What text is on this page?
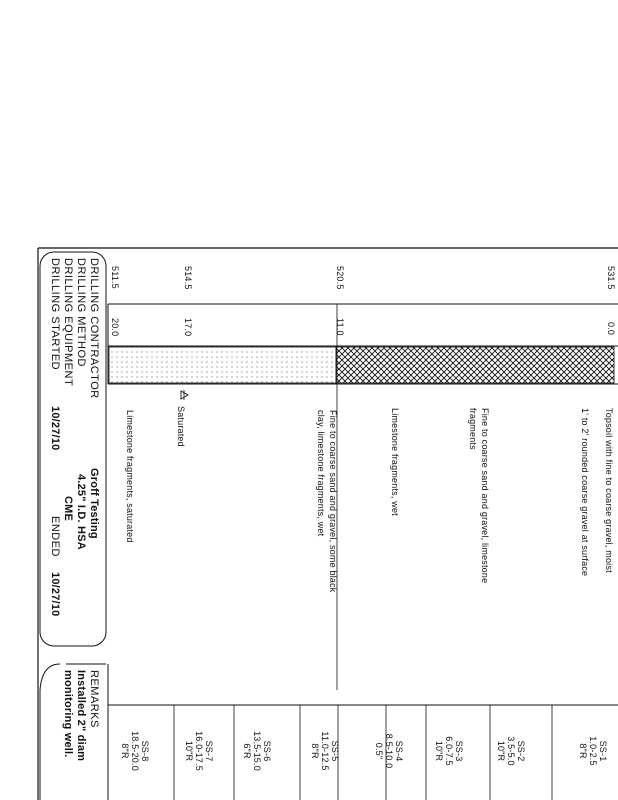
531.5
520.5
514.5
511.5
0.0
11.0
17.0
20.0
Topsoil with fine to coarse gravel, moist
1' to 2' rounded coarse gravel at surface
Fine to coarse sand and gravel, limestone
fragments
Limestone fragments, wet
Fine to coarse sand and gravel, some black
clay, limestone fragments, wet
Saturated
Limestone fragments, saturated
DRILLING CONTRACTOR
Groff Testing
DRILLING METHOD
4.25" I.D. HSA
DRILLING EQUIPMENT
CME
DRILLING STARTED
10/27/10
ENDED
10/27/10
REMARKS
Installed 2" diam
monitoring well.	SS-1
1.0-2.5
8"R
SS-2
3.5-5.0
10"R
SS-3
6.0-7.5
10"R
SS-4
8.5-10.0
0.5"
SS-5
11.0-12.5
8"R
SS-6
13.5-15.0
6"R
SS-7
16.0-17.5
10"R
SS-8
18.5-20.0
8"R
